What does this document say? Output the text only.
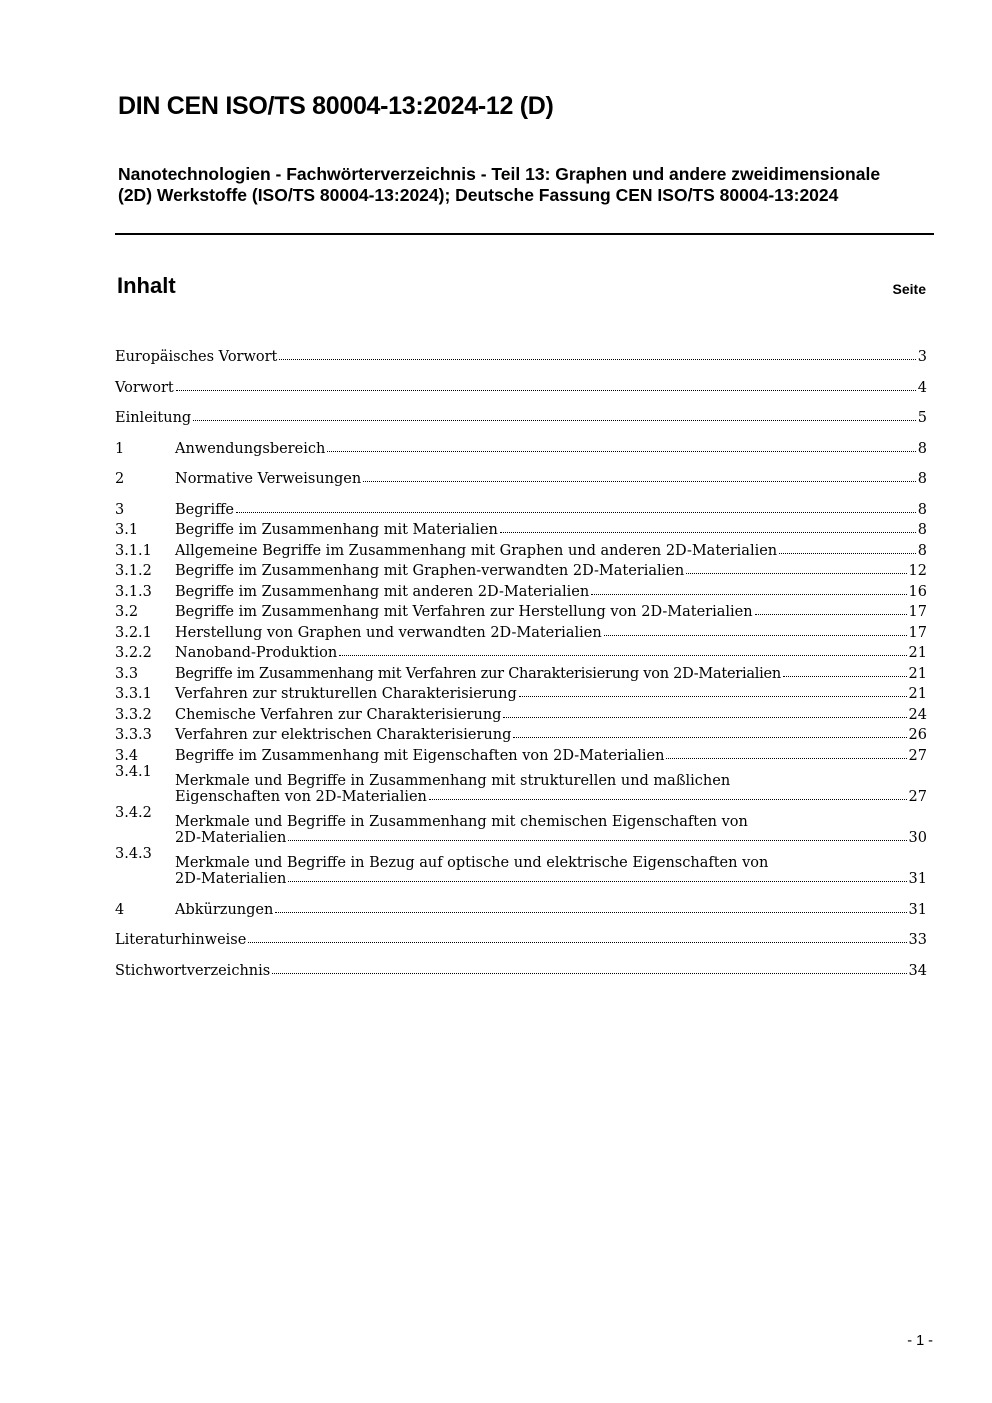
DIN CEN ISO/TS 80004-13:2024-12 (D)

Nanotechnologien - Fachwörterverzeichnis - Teil 13: Graphen und andere zweidimensionale (2D) Werkstoffe (ISO/TS 80004-13:2024); Deutsche Fassung CEN ISO/TS 80004-13:2024

Inhalt	Seite
Europäisches Vorwort	3
Vorwort	4
Einleitung	5
1	Anwendungsbereich	8
2	Normative Verweisungen	8
3	Begriffe	8
3.1	Begriffe im Zusammenhang mit Materialien	8
3.1.1	Allgemeine Begriffe im Zusammenhang mit Graphen und anderen 2D-Materialien	8
3.1.2	Begriffe im Zusammenhang mit Graphen-verwandten 2D-Materialien	12
3.1.3	Begriffe im Zusammenhang mit anderen 2D-Materialien	16
3.2	Begriffe im Zusammenhang mit Verfahren zur Herstellung von 2D-Materialien	17
3.2.1	Herstellung von Graphen und verwandten 2D-Materialien	17
3.2.2	Nanoband-Produktion	21
3.3	Begriffe im Zusammenhang mit Verfahren zur Charakterisierung von 2D-Materialien	21
3.3.1	Verfahren zur strukturellen Charakterisierung	21
3.3.2	Chemische Verfahren zur Charakterisierung	24
3.3.3	Verfahren zur elektrischen Charakterisierung	26
3.4	Begriffe im Zusammenhang mit Eigenschaften von 2D-Materialien	27
3.4.1
Merkmale und Begriffe in Zusammenhang mit strukturellen und maßlichen
Eigenschaften von 2D-Materialien	27
3.4.2
Merkmale und Begriffe in Zusammenhang mit chemischen Eigenschaften von
2D-Materialien	30
3.4.3
Merkmale und Begriffe in Bezug auf optische und elektrische Eigenschaften von
2D-Materialien	31
4	Abkürzungen	31
Literaturhinweise	33
Stichwortverzeichnis	34
- 1 -
